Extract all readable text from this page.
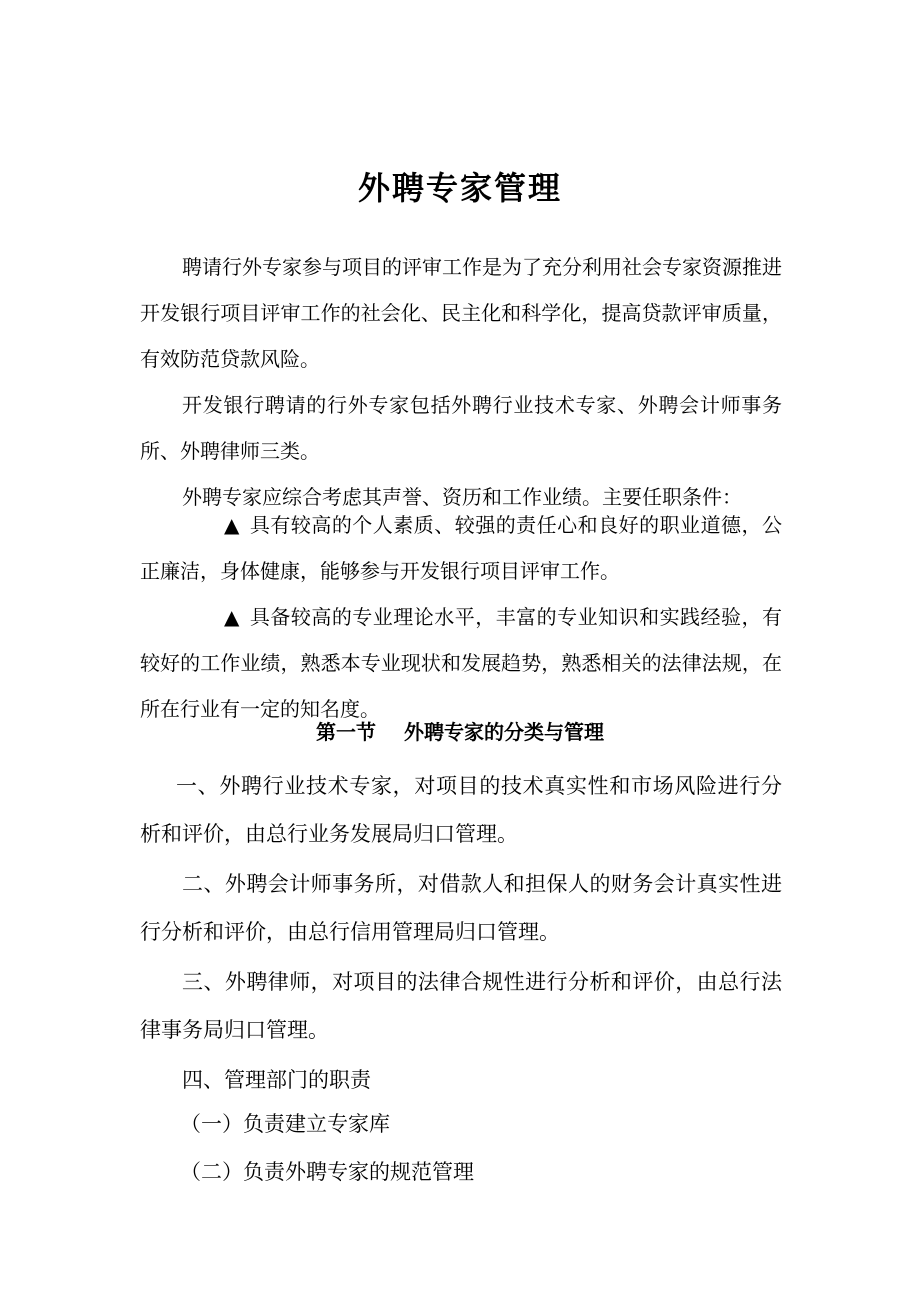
外聘专家管理
聘请行外专家参与项目的评审工作是为了充分利用社会专家资源推进开发银行项目评审工作的社会化、民主化和科学化，提高贷款评审质量，有效防范贷款风险。
开发银行聘请的行外专家包括外聘行业技术专家、外聘会计师事务所、外聘律师三类。
外聘专家应综合考虑其声誉、资历和工作业绩。主要任职条件：
▲ 具有较高的个人素质、较强的责任心和良好的职业道德，公正廉洁，身体健康，能够参与开发银行项目评审工作。
▲ 具备较高的专业理论水平，丰富的专业知识和实践经验，有较好的工作业绩，熟悉本专业现状和发展趋势，熟悉相关的法律法规，在所在行业有一定的知名度。
第一节 外聘专家的分类与管理
一、外聘行业技术专家，对项目的技术真实性和市场风险进行分析和评价，由总行业务发展局归口管理。
二、外聘会计师事务所，对借款人和担保人的财务会计真实性进行分析和评价，由总行信用管理局归口管理。
三、外聘律师，对项目的法律合规性进行分析和评价，由总行法律事务局归口管理。
四、管理部门的职责
（一）负责建立专家库
（二）负责外聘专家的规范管理
